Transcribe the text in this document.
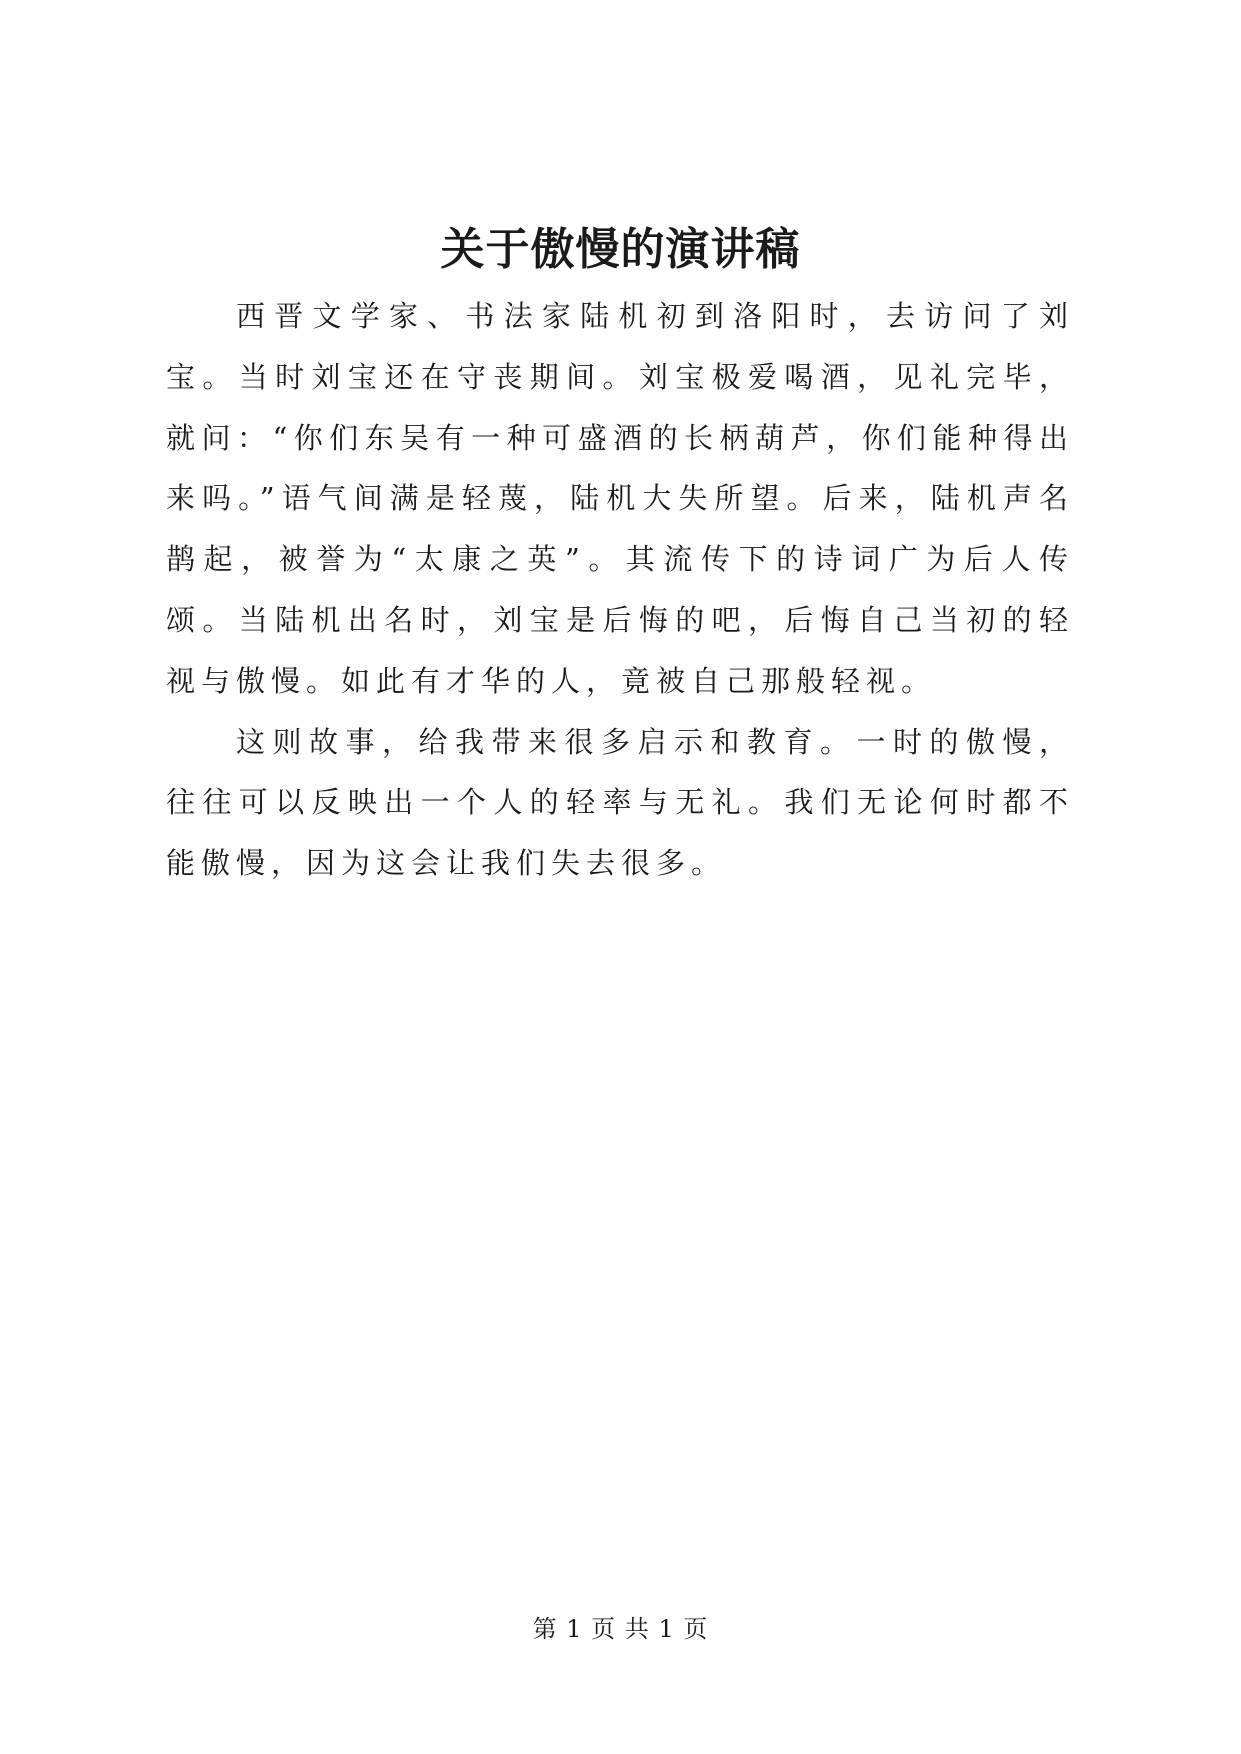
关于傲慢的演讲稿

西晋文学家、书法家陆机初到洛阳时，去访问了刘宝。当时刘宝还在守丧期间。刘宝极爱喝酒，见礼完毕，就问：“你们东吴有一种可盛酒的长柄葫芦，你们能种得出来吗。”语气间满是轻蔑，陆机大失所望。后来，陆机声名鹊起，被誉为“太康之英”。其流传下的诗词广为后人传颂。当陆机出名时，刘宝是后悔的吧，后悔自己当初的轻视与傲慢。如此有才华的人，竟被自己那般轻视。

这则故事，给我带来很多启示和教育。一时的傲慢，往往可以反映出一个人的轻率与无礼。我们无论何时都不能傲慢，因为这会让我们失去很多。

第 1 页 共 1 页
